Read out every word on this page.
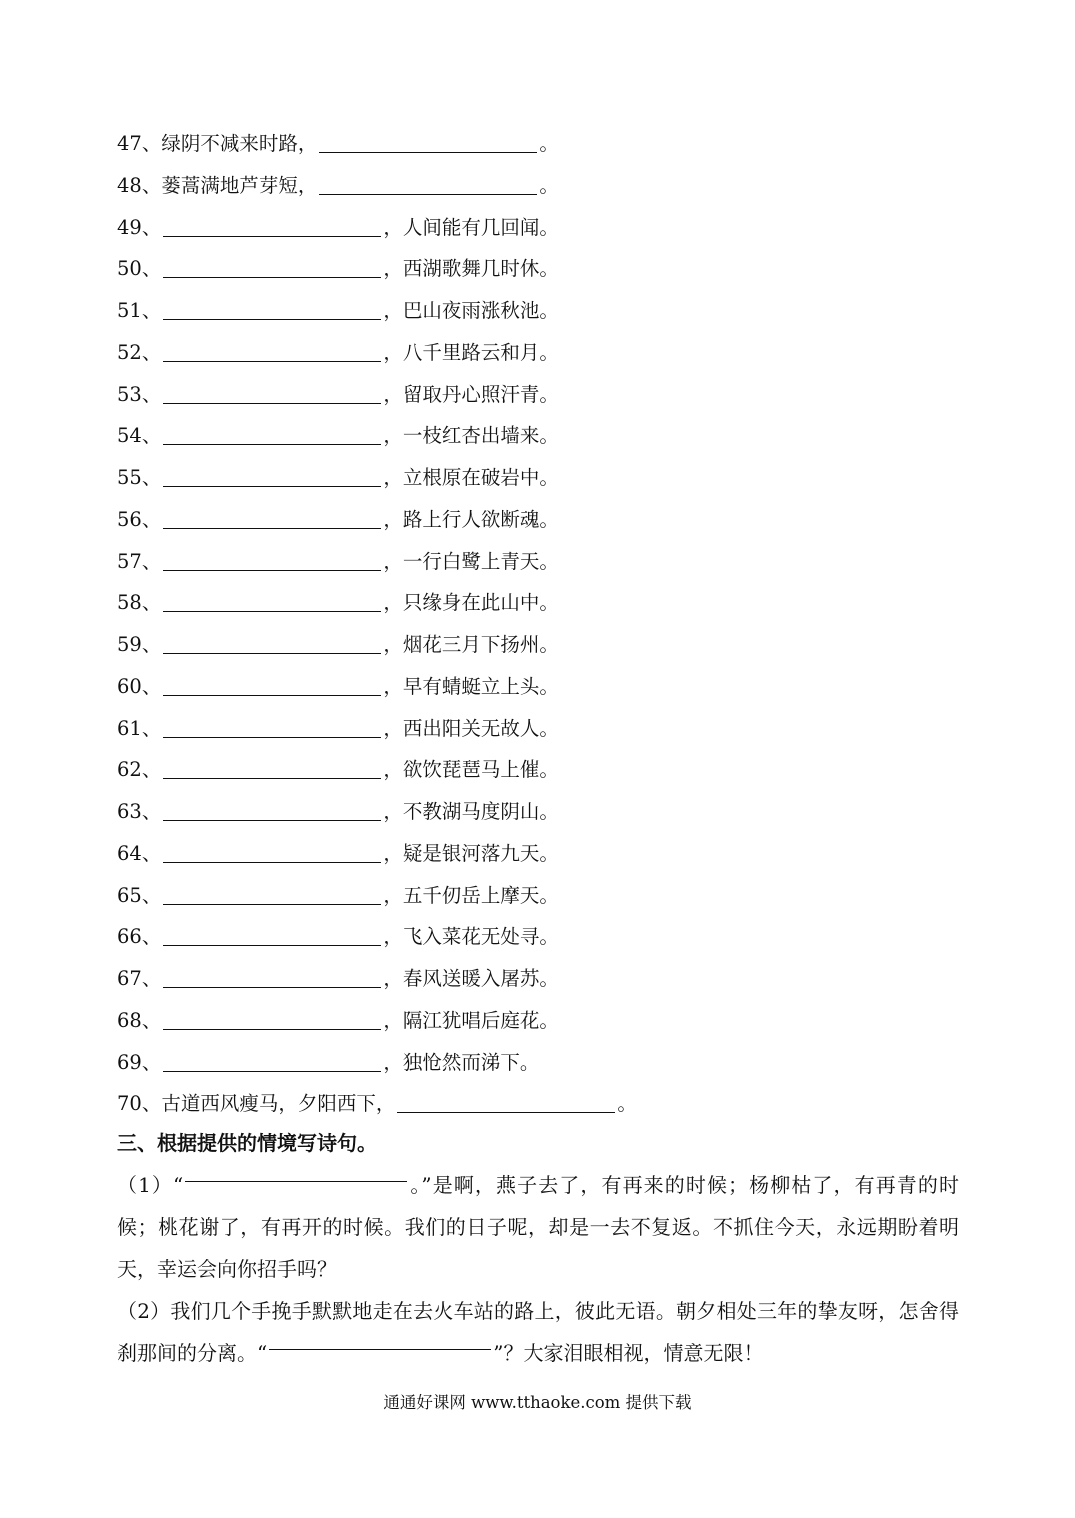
47、 绿阴不减来时路，	。
48、 蒌蒿满地芦芽短，	。
49、	，人间能有几回闻。
50、	，西湖歌舞几时休。
51、	，巴山夜雨涨秋池。
52、	，八千里路云和月。
53、	，留取丹心照汗青。
54、	，一枝红杏出墙来。
55、	，立根原在破岩中。
56、	，路上行人欲断魂。
57、	，一行白鹭上青天。
58、	，只缘身在此山中。
59、	，烟花三月下扬州。
60、	，早有蜻蜓立上头。
61、	，西出阳关无故人。
62、	，欲饮琵琶马上催。
63、	，不教湖马度阴山。
64、	，疑是银河落九天。
65、	，五千仞岳上摩天。
66、	，飞入菜花无处寻。
67、	，春风送暖入屠苏。
68、	，隔江犹唱后庭花。
69、	，独怆然而涕下。
70、 古道西风瘦马，夕阳西下，	。
三、根据提供的情境写诗句。
（1）“	。”是啊，燕子去了，有再来的时候；杨柳枯了，有再青的时候；桃花谢了，有再开的时候。我们的日子呢，却是一去不复返。不抓住今天，永远期盼着明天，幸运会向你招手吗？
（2）我们几个手挽手默默地走在去火车站的路上，彼此无语。朝夕相处三年的挚友呀，怎舍得刹那间的分离。“	”？大家泪眼相视，情意无限！
通通好课网 www.tthaoke.com 提供下载
